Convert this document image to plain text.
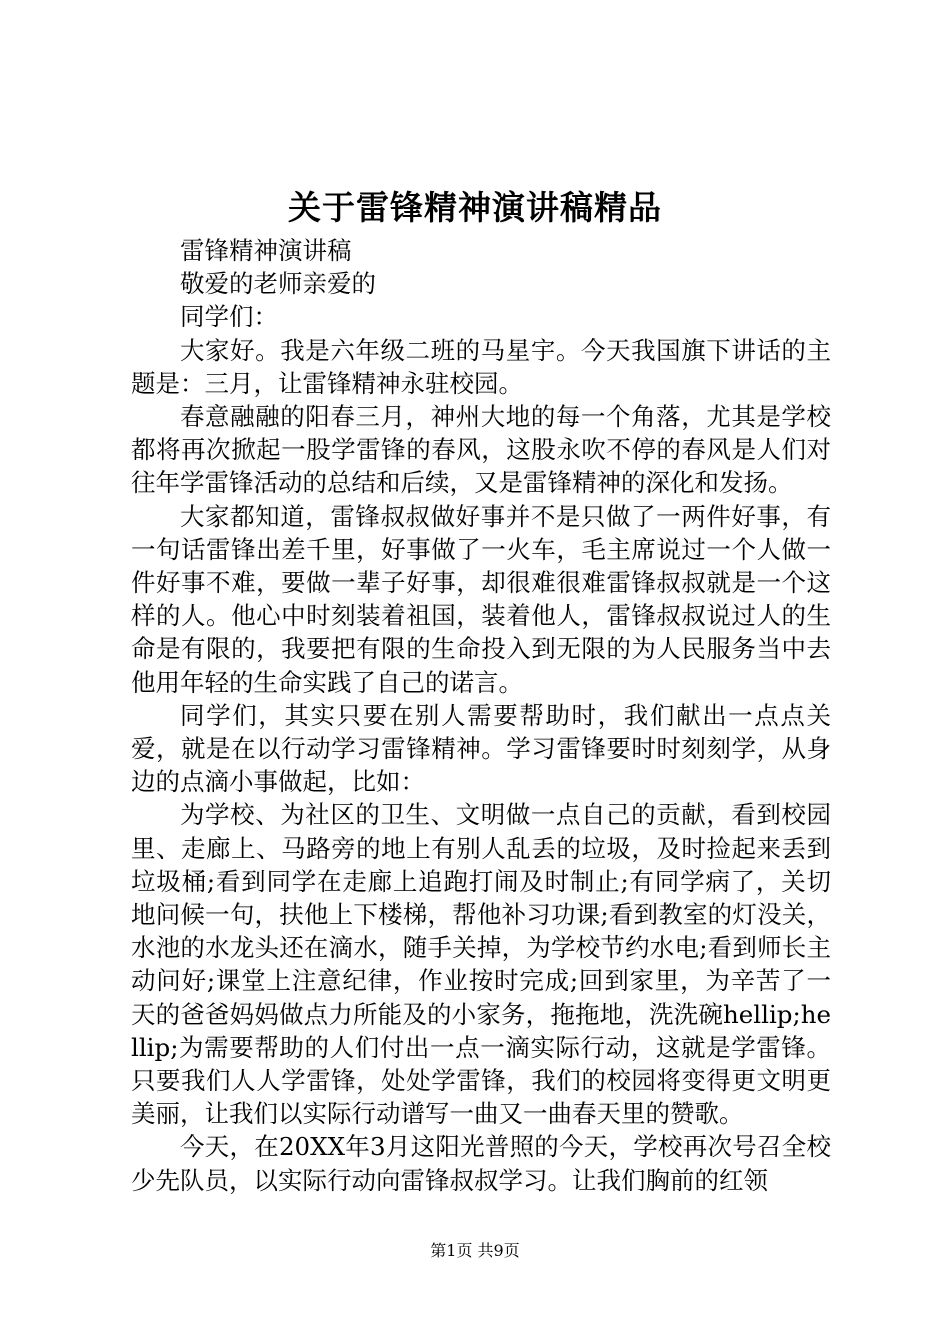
关于雷锋精神演讲稿精品

雷锋精神演讲稿

敬爱的老师亲爱的

同学们：

大家好。我是六年级二班的马星宇。今天我国旗下讲话的主题是：三月，让雷锋精神永驻校园。

春意融融的阳春三月，神州大地的每一个角落，尤其是学校都将再次掀起一股学雷锋的春风，这股永吹不停的春风是人们对往年学雷锋活动的总结和后续，又是雷锋精神的深化和发扬。

大家都知道，雷锋叔叔做好事并不是只做了一两件好事，有一句话雷锋出差千里，好事做了一火车，毛主席说过一个人做一件好事不难，要做一辈子好事，却很难很难雷锋叔叔就是一个这样的人。他心中时刻装着祖国，装着他人，雷锋叔叔说过人的生命是有限的，我要把有限的生命投入到无限的为人民服务当中去他用年轻的生命实践了自己的诺言。

同学们，其实只要在别人需要帮助时，我们献出一点点关爱，就是在以行动学习雷锋精神。学习雷锋要时时刻刻学，从身边的点滴小事做起，比如：

为学校、为社区的卫生、文明做一点自己的贡献，看到校园里、走廊上、马路旁的地上有别人乱丢的垃圾，及时捡起来丢到垃圾桶;看到同学在走廊上追跑打闹及时制止;有同学病了，关切地问候一句，扶他上下楼梯，帮他补习功课;看到教室的灯没关，水池的水龙头还在滴水，随手关掉，为学校节约水电;看到师长主动问好;课堂上注意纪律，作业按时完成;回到家里，为辛苦了一天的爸爸妈妈做点力所能及的小家务，拖拖地，洗洗碗hellip;hellip;为需要帮助的人们付出一点一滴实际行动，这就是学雷锋。只要我们人人学雷锋，处处学雷锋，我们的校园将变得更文明更美丽，让我们以实际行动谱写一曲又一曲春天里的赞歌。

今天，在20XX年3月这阳光普照的今天，学校再次号召全校少先队员，以实际行动向雷锋叔叔学习。让我们胸前的红领

第1页 共9页
